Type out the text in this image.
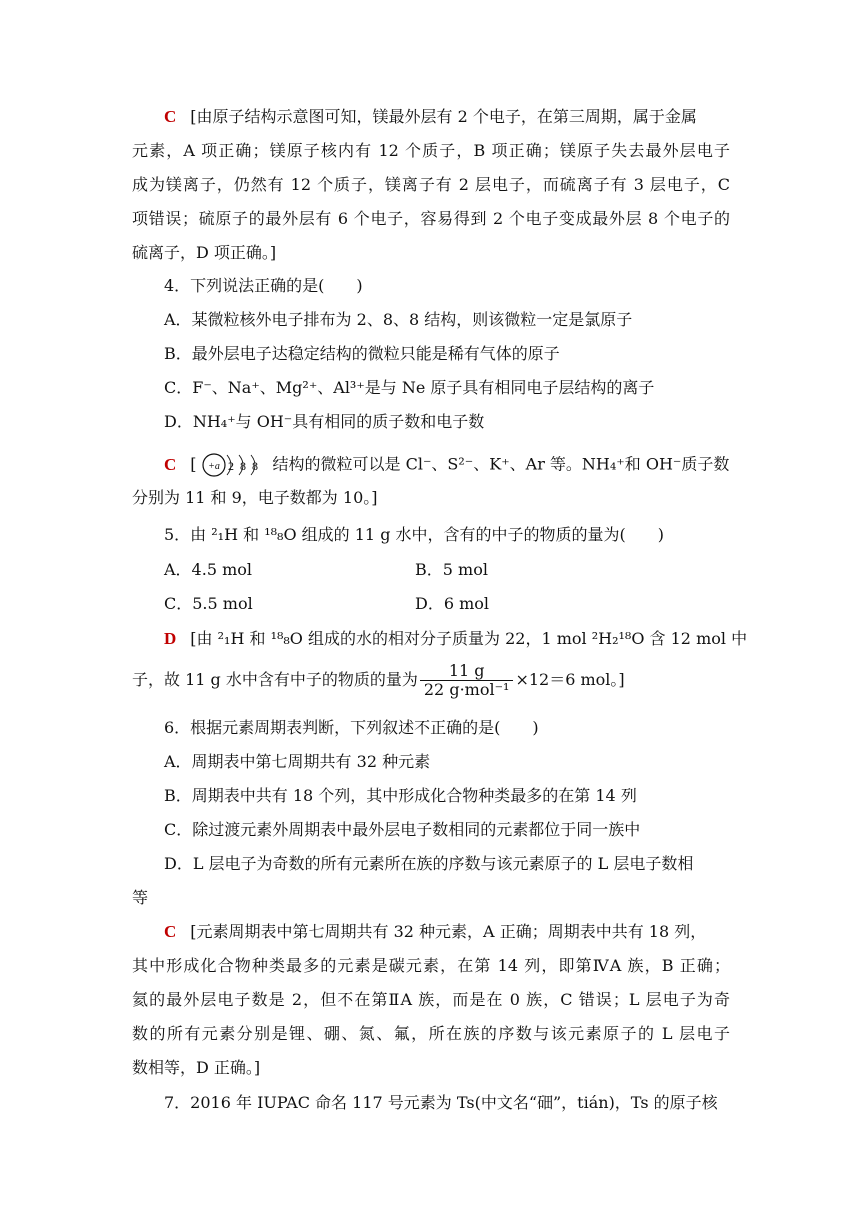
C [由原子结构示意图可知，镁最外层有 2 个电子，在第三周期，属于金属
元素，A 项正确；镁原子核内有 12 个质子，B 项正确；镁原子失去最外层电子
成为镁离子，仍然有 12 个质子，镁离子有 2 层电子，而硫离子有 3 层电子，C
项错误；硫原子的最外层有 6 个电子，容易得到 2 个电子变成最外层 8 个电子的
硫离子，D 项正确。]
4．下列说法正确的是(　　)
A．某微粒核外电子排布为 2、8、8 结构，则该微粒一定是氯原子
B．最外层电子达稳定结构的微粒只能是稀有气体的原子
C．F⁻、Na⁺、Mg²⁺、Al³⁺是与 Ne 原子具有相同电子层结构的离子
D．NH₄⁺与 OH⁻具有相同的质子数和电子数
C [ +a 2 8 8 结构的微粒可以是 Cl⁻、S²⁻、K⁺、Ar 等。NH₄⁺和 OH⁻质子数
分别为 11 和 9，电子数都为 10。]
5．由 ²₁H 和 ¹⁸₈O 组成的 11 g 水中，含有的中子的物质的量为(　　)
A．4.5 mol	B．5 mol
C．5.5 mol	D．6 mol
D [由 ²₁H 和 ¹⁸₈O 组成的水的相对分子质量为 22，1 mol ²H₂¹⁸O 含 12 mol 中
子，故 11 g 水中含有中子的物质的量为 $\frac{11 g}{\text{22 g·mol⁻¹}} \times 12=6$ mol。]
6．根据元素周期表判断，下列叙述不正确的是(　　)
A．周期表中第七周期共有 32 种元素
B．周期表中共有 18 个列，其中形成化合物种类最多的在第 14 列
C．除过渡元素外周期表中最外层电子数相同的元素都位于同一族中
D．L 层电子为奇数的所有元素所在族的序数与该元素原子的 L 层电子数相
等
C [元素周期表中第七周期共有 32 种元素，A 正确；周期表中共有 18 列，
其中形成化合物种类最多的元素是碳元素，在第 14 列，即第ⅣA 族，B 正确；
氦的最外层电子数是 2，但不在第ⅡA 族，而是在 0 族，C 错误；L 层电子为奇
数的所有元素分别是锂、硼、氮、氟，所在族的序数与该元素原子的 L 层电子
数相等，D 正确。]
7．2016 年 IUPAC 命名 117 号元素为 Ts(中文名“鿬”，tián)，Ts 的原子核
